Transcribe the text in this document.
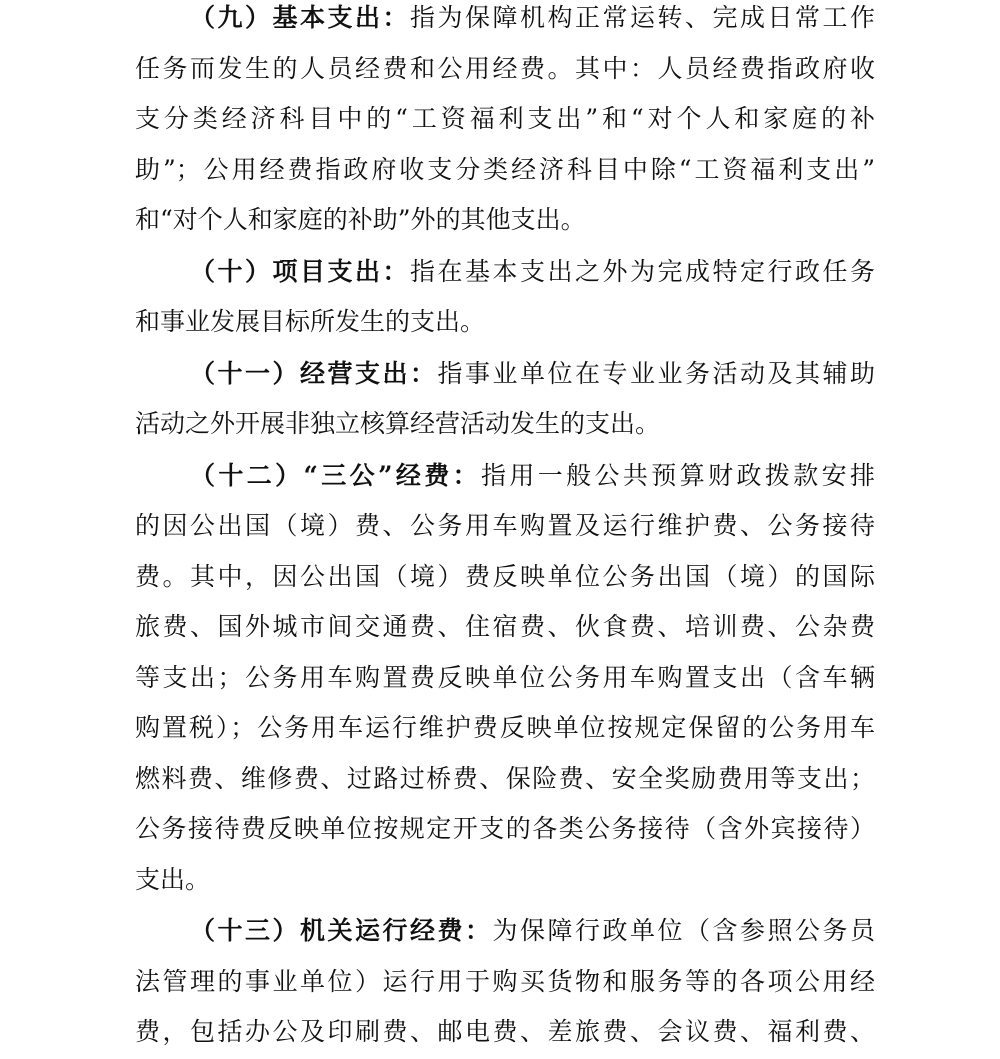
（九）基本支出：指为保障机构正常运转、完成日常工作
任务而发生的人员经费和公用经费。其中：人员经费指政府收
支分类经济科目中的“工资福利支出”和“对个人和家庭的补
助”；公用经费指政府收支分类经济科目中除“工资福利支出”
和“对个人和家庭的补助”外的其他支出。
（十）项目支出：指在基本支出之外为完成特定行政任务
和事业发展目标所发生的支出。
（十一）经营支出：指事业单位在专业业务活动及其辅助
活动之外开展非独立核算经营活动发生的支出。
（十二）“三公”经费：指用一般公共预算财政拨款安排
的因公出国（境）费、公务用车购置及运行维护费、公务接待
费。其中，因公出国（境）费反映单位公务出国（境）的国际
旅费、国外城市间交通费、住宿费、伙食费、培训费、公杂费
等支出；公务用车购置费反映单位公务用车购置支出（含车辆
购置税）；公务用车运行维护费反映单位按规定保留的公务用车
燃料费、维修费、过路过桥费、保险费、安全奖励费用等支出；
公务接待费反映单位按规定开支的各类公务接待（含外宾接待）
支出。
（十三）机关运行经费：为保障行政单位（含参照公务员
法管理的事业单位）运行用于购买货物和服务等的各项公用经
费，包括办公及印刷费、邮电费、差旅费、会议费、福利费、
